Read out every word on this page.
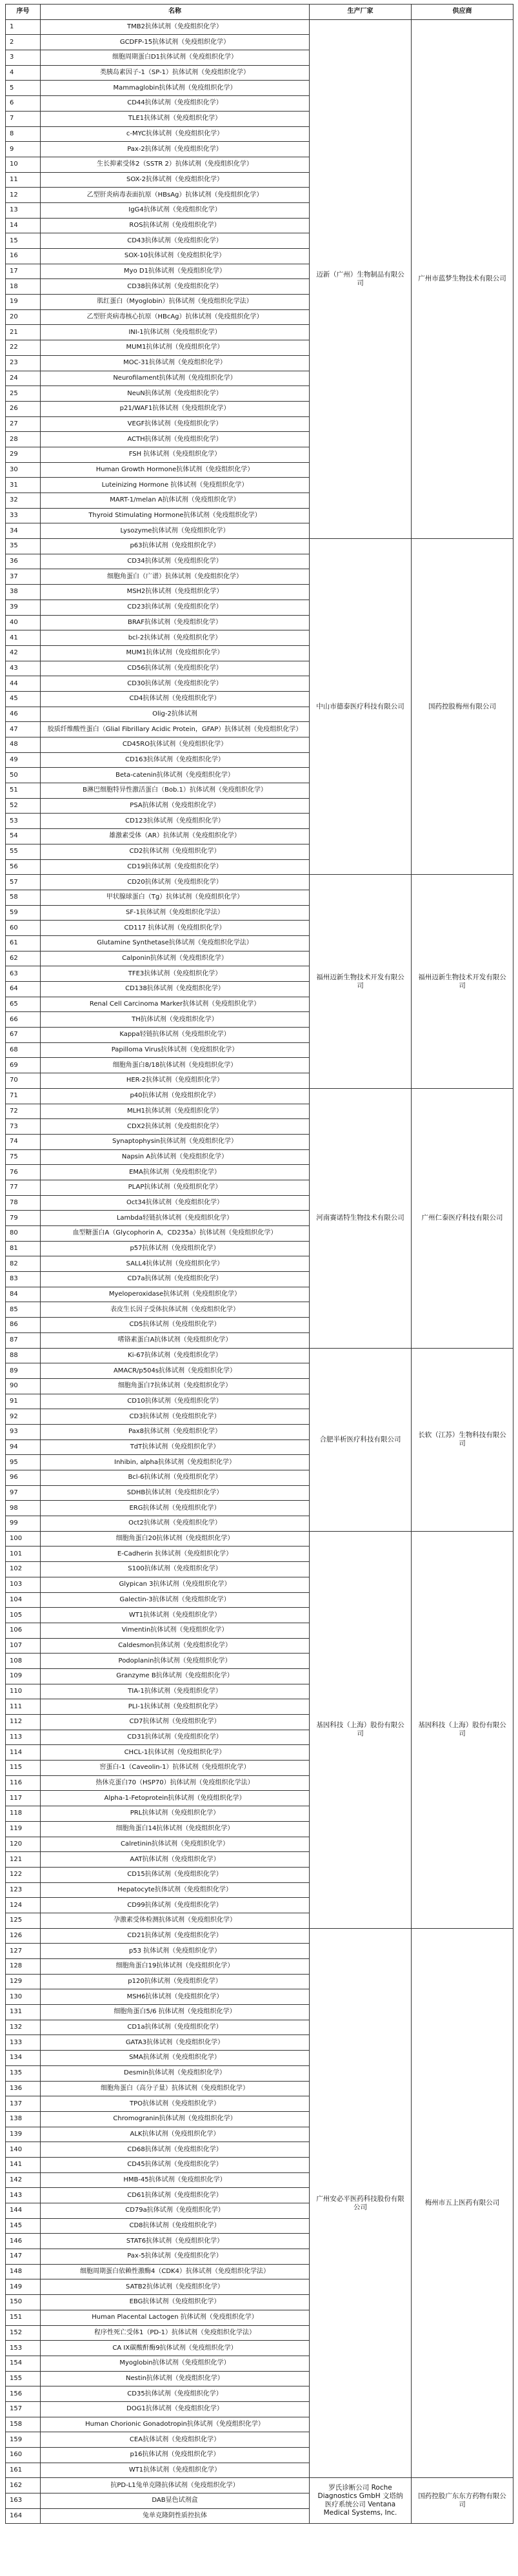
序号	名称	生产厂家	供应商
1	TMB2抗体试剂（免疫组织化学）	迈新（广州）生物制品有限公司	广州市蓝梦生物技术有限公司
2	GCDFP-15抗体试剂（免疫组织化学）		
3	细胞周期蛋白D1抗体试剂（免疫组织化学）		
4	类胰岛素因子-1（SP-1）抗体试剂（免疫组织化学）		
5	Mammaglobin抗体试剂（免疫组织化学）		
6	CD44抗体试剂（免疫组织化学）		
7	TLE1抗体试剂（免疫组织化学）		
8	c-MYC抗体试剂（免疫组织化学）		
9	Pax-2抗体试剂（免疫组织化学）		
10	生长抑素受体2（SSTR 2）抗体试剂（免疫组织化学）		
11	SOX-2抗体试剂（免疫组织化学）		
12	乙型肝炎病毒表面抗原（HBsAg）抗体试剂（免疫组织化学）		
13	IgG4抗体试剂（免疫组织化学）		
14	ROS抗体试剂（免疫组织化学）		
15	CD43抗体试剂（免疫组织化学）		
16	SOX-10抗体试剂（免疫组织化学）		
17	Myo D1抗体试剂（免疫组织化学）		
18	CD38抗体试剂（免疫组织化学）		
19	肌红蛋白（Myoglobin）抗体试剂（免疫组织化学法）		
20	乙型肝炎病毒核心抗原（HBcAg）抗体试剂（免疫组织化学）		
21	INI-1抗体试剂（免疫组织化学）		
22	MUM1抗体试剂（免疫组织化学）		
23	MOC-31抗体试剂（免疫组织化学）		
24	Neurofilament抗体试剂（免疫组织化学）		
25	NeuN抗体试剂（免疫组织化学）		
26	p21/WAF1抗体试剂（免疫组织化学）		
27	VEGF抗体试剂（免疫组织化学）		
28	ACTH抗体试剂（免疫组织化学）		
29	FSH 抗体试剂（免疫组织化学）		
30	Human Growth Hormone抗体试剂（免疫组织化学）		
31	Luteinizing Hormone 抗体试剂（免疫组织化学）		
32	MART-1/melan A抗体试剂（免疫组织化学）		
33	Thyroid Stimulating Hormone抗体试剂（免疫组织化学）		
34	Lysozyme抗体试剂（免疫组织化学）		
35	p63抗体试剂（免疫组织化学）	中山市德泰医疗科技有限公司	国药控股梅州有限公司
36	CD34抗体试剂（免疫组织化学）		
37	细胞角蛋白（广谱）抗体试剂（免疫组织化学）		
38	MSH2抗体试剂（免疫组织化学）		
39	CD23抗体试剂（免疫组织化学）		
40	BRAF抗体试剂（免疫组织化学）		
41	bcl-2抗体试剂（免疫组织化学）		
42	MUM1抗体试剂（免疫组织化学）		
43	CD56抗体试剂（免疫组织化学）		
44	CD30抗体试剂（免疫组织化学）		
45	CD4抗体试剂（免疫组织化学）		
46	Olig-2抗体试剂		
47	胶质纤维酸性蛋白（Glial Fibrillary Acidic Protein，GFAP）抗体试剂（免疫组织化学）		
48	CD45RO抗体试剂（免疫组织化学）		
49	CD163抗体试剂（免疫组织化学）		
50	Beta-catenin抗体试剂（免疫组织化学）		
51	B淋巴细胞特异性激活蛋白（Bob.1）抗体试剂（免疫组织化学）		
52	PSA抗体试剂（免疫组织化学）		
53	CD123抗体试剂（免疫组织化学）		
54	雄激素受体（AR）抗体试剂（免疫组织化学）		
55	CD2抗体试剂（免疫组织化学）		
56	CD19抗体试剂（免疫组织化学）		
57	CD20抗体试剂（免疫组织化学）	福州迈新生物技术开发有限公司	福州迈新生物技术开发有限公司
58	甲状腺球蛋白（Tg）抗体试剂（免疫组织化学）		
59	SF-1抗体试剂（免疫组织化学法）		
60	CD117 抗体试剂（免疫组织化学）		
61	Glutamine Synthetase抗体试剂（免疫组织化学法）		
62	Calponin抗体试剂（免疫组织化学）		
63	TFE3抗体试剂（免疫组织化学）		
64	CD138抗体试剂（免疫组织化学）		
65	Renal Cell Carcinoma Marker抗体试剂（免疫组织化学）		
66	TH抗体试剂（免疫组织化学）		
67	Kappa轻链抗体试剂（免疫组织化学）		
68	Papillomа Virus抗体试剂（免疫组织化学）		
69	细胞角蛋白8/18抗体试剂（免疫组织化学）		
70	HER-2抗体试剂（免疫组织化学）		
71	p40抗体试剂（免疫组织化学）	河南赛诺特生物技术有限公司	广州仁泰医疗科技有限公司
72	MLH1抗体试剂（免疫组织化学）		
73	CDX2抗体试剂（免疫组织化学）		
74	Synaptophysin抗体试剂（免疫组织化学）		
75	Napsin A抗体试剂（免疫组织化学）		
76	EMA抗体试剂（免疫组织化学）		
77	PLAP抗体试剂（免疫组织化学）		
78	Oct34抗体试剂（免疫组织化学）		
79	Lambda轻链抗体试剂（免疫组织化学）		
80	血型糖蛋白A（Glycophorin A，CD235a）抗体试剂（免疫组织化学）		
81	p57抗体试剂（免疫组织化学）		
82	SALL4抗体试剂（免疫组织化学）		
83	CD7a抗体试剂（免疫组织化学）		
84	Myeloperoxidase抗体试剂（免疫组织化学）		
85	表皮生长因子受体抗体试剂（免疫组织化学）		
86	CD5抗体试剂（免疫组织化学）		
87	嗜铬素蛋白A抗体试剂（免疫组织化学）		
88	Ki-67抗体试剂（免疫组织化学）	合肥半析医疗科技有限公司	长软（江苏）生物科技有限公司
89	AMACR/p504s抗体试剂（免疫组织化学）		
90	细胞角蛋白7抗体试剂（免疫组织化学）		
91	CD10抗体试剂（免疫组织化学）		
92	CD3抗体试剂（免疫组织化学）		
93	Pax8抗体试剂（免疫组织化学）		
94	TdT抗体试剂（免疫组织化学）		
95	Inhibin, alpha抗体试剂（免疫组织化学）		
96	Bcl-6抗体试剂（免疫组织化学）		
97	SDHB抗体试剂（免疫组织化学）		
98	ERG抗体试剂（免疫组织化学）		
99	Oct2抗体试剂（免疫组织化学）		
100	细胞角蛋白20抗体试剂（免疫组织化学）	基因科技（上海）股份有限公司	基因科技（上海）股份有限公司
101	E-Cadherin 抗体试剂（免疫组织化学）		
102	S100抗体试剂（免疫组织化学）		
103	Glypican 3抗体试剂（免疫组织化学）		
104	Galectin-3抗体试剂（免疫组织化学）		
105	WT1抗体试剂（免疫组织化学）		
106	Vimentin抗体试剂（免疫组织化学）		
107	Caldesmon抗体试剂（免疫组织化学）		
108	Podoplanin抗体试剂（免疫组织化学）		
109	Granzyme B抗体试剂（免疫组织化学）		
110	TIA-1抗体试剂（免疫组织化学）		
111	PLI-1抗体试剂（免疫组织化学）		
112	CD7抗体试剂（免疫组织化学）		
113	CD31抗体试剂（免疫组织化学）		
114	CHCL-1抗体试剂（免疫组织化学）		
115	窖蛋白-1（Caveolin-1）抗体试剂（免疫组织化学）		
116	热休克蛋白70（HSP70）抗体试剂（免疫组织化学法）		
117	Alpha-1-Fetoprotein抗体试剂（免疫组织化学）		
118	PRL抗体试剂（免疫组织化学）		
119	细胞角蛋白14抗体试剂（免疫组织化学）		
120	Calretinin抗体试剂（免疫组织化学）		
121	AAT抗体试剂（免疫组织化学）		
122	CD15抗体试剂（免疫组织化学）		
123	Hepatocyte抗体试剂（免疫组织化学）		
124	CD99抗体试剂（免疫组织化学）		
125	孕激素受体检测抗体试剂（免疫组织化学）		
126	CD21抗体试剂（免疫组织化学）	广州安必平医药科技股份有限公司	梅州市五上医药有限公司
127	p53 抗体试剂（免疫组织化学）		
128	细胞角蛋白19抗体试剂（免疫组织化学）		
129	p120抗体试剂（免疫组织化学）		
130	MSH6抗体试剂（免疫组织化学）		
131	细胞角蛋白5/6 抗体试剂（免疫组织化学）		
132	CD1a抗体试剂（免疫组织化学）		
133	GATA3抗体试剂（免疫组织化学）		
134	SMA抗体试剂（免疫组织化学）		
135	Desmin抗体试剂（免疫组织化学）		
136	细胞角蛋白（高分子量）抗体试剂（免疫组织化学）		
137	TPO抗体试剂（免疫组织化学）		
138	Chromogranin抗体试剂（免疫组织化学）		
139	ALK抗体试剂（免疫组织化学）		
140	CD68抗体试剂（免疫组织化学）		
141	CD45抗体试剂（免疫组织化学）		
142	HMB-45抗体试剂（免疫组织化学）		
143	CD61抗体试剂（免疫组织化学）		
144	CD79a抗体试剂（免疫组织化学）		
145	CD8抗体试剂（免疫组织化学）		
146	STAT6抗体试剂（免疫组织化学）		
147	Pax-5抗体试剂（免疫组织化学）		
148	细胞周期蛋白依赖性激酶4（CDK4）抗体试剂（免疫组织化学法）		
149	SATB2抗体试剂（免疫组织化学）		
150	EBG抗体试剂（免疫组织化学）		
151	Human Placental Lactogen 抗体试剂（免疫组织化学）		
152	程序性死亡受体1（PD-1）抗体试剂（免疫组织化学法）		
153	CA IX碳酸酐酶9抗体试剂（免疫组织化学）		
154	Myoglobin抗体试剂（免疫组织化学）		
155	Nestin抗体试剂（免疫组织化学）		
156	CD35抗体试剂（免疫组织化学）		
157	DOG1抗体试剂（免疫组织化学）		
158	Human Chorionic Gonadotropin抗体试剂（免疫组织化学）		
159	CEA抗体试剂（免疫组织化学）		
160	p16抗体试剂（免疫组织化学）		
161	WT1抗体试剂（免疫组织化学）		
162	抗PD-L1兔单克隆抗体试剂（免疫组织化学）	罗氏诊断公司 Roche Diagnostics GmbH 文塔纳医疗系统公司 Ventana Medical Systems, Inc.	国药控股广东东方药物有限公司
163	DAB显色试剂盒		
164	兔单克隆阴性质控抗体		
